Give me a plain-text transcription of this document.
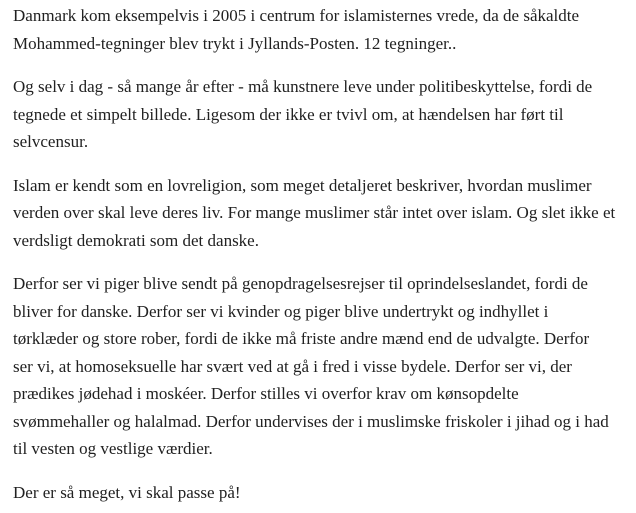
Danmark kom eksempelvis i 2005 i centrum for islamisternes vrede, da de såkaldte
Mohammed-tegninger blev trykt i Jyllands-Posten. 12 tegninger..

Og selv i dag - så mange år efter - må kunstnere leve under politibeskyttelse, fordi de
tegnede et simpelt billede. Ligesom der ikke er tvivl om, at hændelsen har ført til
selvcensur.

Islam er kendt som en lovreligion, som meget detaljeret beskriver, hvordan muslimer
verden over skal leve deres liv. For mange muslimer står intet over islam. Og slet ikke et
verdsligt demokrati som det danske.

Derfor ser vi piger blive sendt på genopdragelsesrejser til oprindelseslandet, fordi de
bliver for danske. Derfor ser vi kvinder og piger blive undertrykt og indhyllet i
tørklæder og store rober, fordi de ikke må friste andre mænd end de udvalgte. Derfor
ser vi, at homoseksuelle har svært ved at gå i fred i visse bydele. Derfor ser vi, der
prædikes jødehad i moskéer. Derfor stilles vi overfor krav om kønsopdelte
svømmehaller og halalmad. Derfor undervises der i muslimske friskoler i jihad og i had
til vesten og vestlige værdier.

Der er så meget, vi skal passe på!
